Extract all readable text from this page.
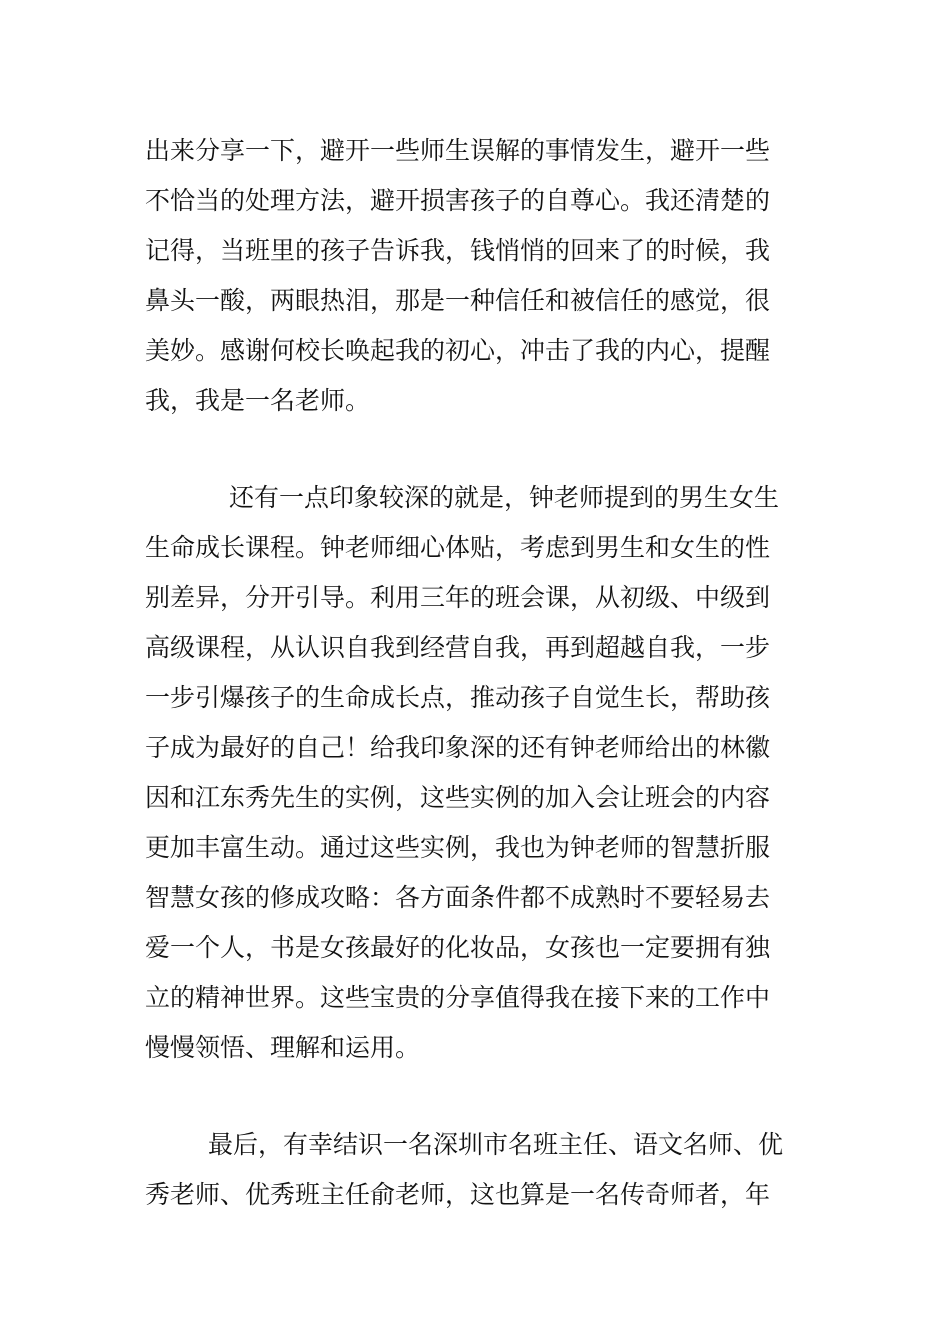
出来分享一下，避开一些师生误解的事情发生，避开一些
不恰当的处理方法，避开损害孩子的自尊心。我还清楚的
记得，当班里的孩子告诉我，钱悄悄的回来了的时候，我
鼻头一酸，两眼热泪，那是一种信任和被信任的感觉，很
美妙。感谢何校长唤起我的初心，冲击了我的内心，提醒
我，我是一名老师。
还有一点印象较深的就是，钟老师提到的男生女生
生命成长课程。钟老师细心体贴，考虑到男生和女生的性
别差异，分开引导。利用三年的班会课，从初级、中级到
高级课程，从认识自我到经营自我，再到超越自我，一步
一步引爆孩子的生命成长点，推动孩子自觉生长，帮助孩
子成为最好的自己！给我印象深的还有钟老师给出的林徽
因和江东秀先生的实例，这些实例的加入会让班会的内容
更加丰富生动。通过这些实例，我也为钟老师的智慧折服
智慧女孩的修成攻略：各方面条件都不成熟时不要轻易去
爱一个人，书是女孩最好的化妆品，女孩也一定要拥有独
立的精神世界。这些宝贵的分享值得我在接下来的工作中
慢慢领悟、理解和运用。
最后，有幸结识一名深圳市名班主任、语文名师、优
秀老师、优秀班主任俞老师，这也算是一名传奇师者，年
